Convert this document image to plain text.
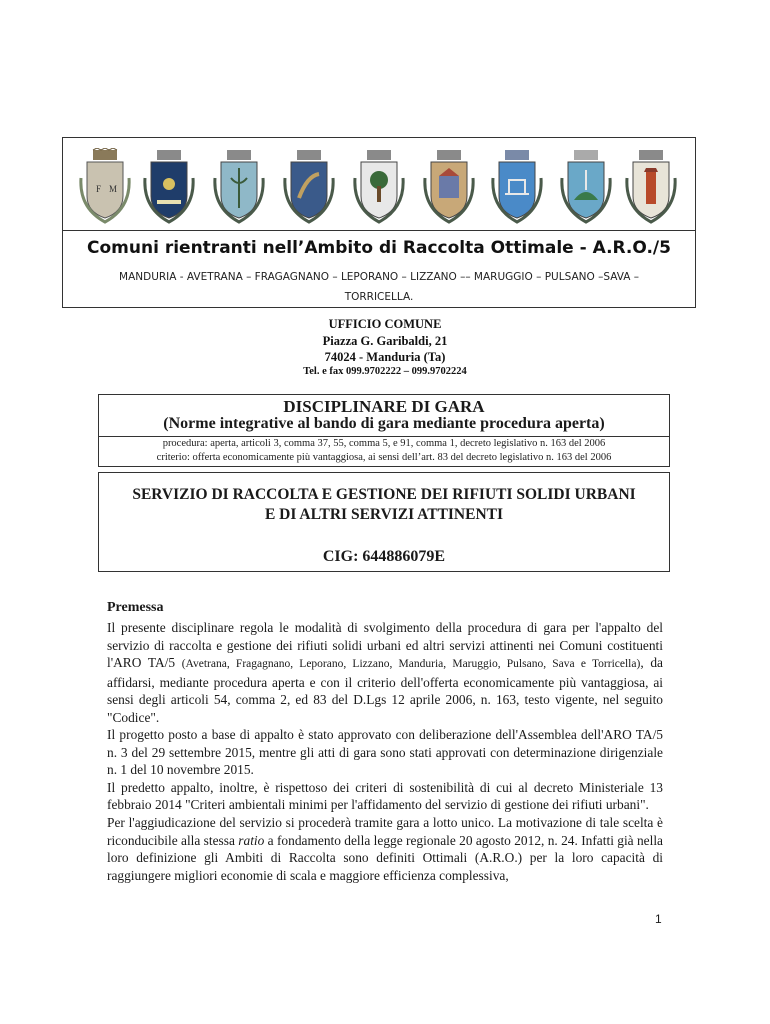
F M
Comuni rientranti nell’Ambito di Raccolta Ottimale - A.R.O./5
MANDURIA - AVETRANA – FRAGAGNANO – LEPORANO – LIZZANO –– MARUGGIO – PULSANO –SAVA –
TORRICELLA.
UFFICIO COMUNE
Piazza G. Garibaldi, 21
74024 - Manduria (Ta)
Tel. e fax 099.9702222 – 099.9702224
DISCIPLINARE DI GARA
(Norme integrative al bando di gara mediante procedura aperta)
procedura: aperta, articoli 3, comma 37, 55, comma 5, e 91, comma 1, decreto legislativo n. 163 del 2006
criterio: offerta economicamente più vantaggiosa, ai sensi dell’art. 83 del decreto legislativo n. 163 del 2006
SERVIZIO DI RACCOLTA E GESTIONE DEI RIFIUTI SOLIDI URBANI
E DI ALTRI SERVIZI ATTINENTI
CIG: 644886079E
Premessa

Il presente disciplinare regola le modalità di svolgimento della procedura di gara per l'appalto del servizio di raccolta e gestione dei rifiuti solidi urbani ed altri servizi attinenti nei Comuni costituenti l'ARO TA/5 (Avetrana, Fragagnano, Leporano, Lizzano, Manduria, Maruggio, Pulsano, Sava e Torricella), da affidarsi, mediante procedura aperta e con il criterio dell'offerta economicamente più vantaggiosa, ai sensi degli articoli 54, comma 2, ed 83 del D.Lgs 12 aprile 2006, n. 163, testo vigente, nel seguito "Codice".

Il progetto posto a base di appalto è stato approvato con deliberazione dell'Assemblea dell'ARO TA/5 n. 3 del 29 settembre 2015, mentre gli atti di gara sono stati approvati con determinazione dirigenziale n. 1 del 10 novembre 2015.

Il predetto appalto, inoltre, è rispettoso dei criteri di sostenibilità di cui al decreto Ministeriale 13 febbraio 2014 "Criteri ambientali minimi per l'affidamento del servizio di gestione dei rifiuti urbani".

Per l'aggiudicazione del servizio si procederà tramite gara a lotto unico. La motivazione di tale scelta è riconducibile alla stessa ratio a fondamento della legge regionale 20 agosto 2012, n. 24. Infatti già nella loro definizione gli Ambiti di Raccolta sono definiti Ottimali (A.R.O.) per la loro capacità di raggiungere migliori economie di scala e maggiore efficienza complessiva,

1
